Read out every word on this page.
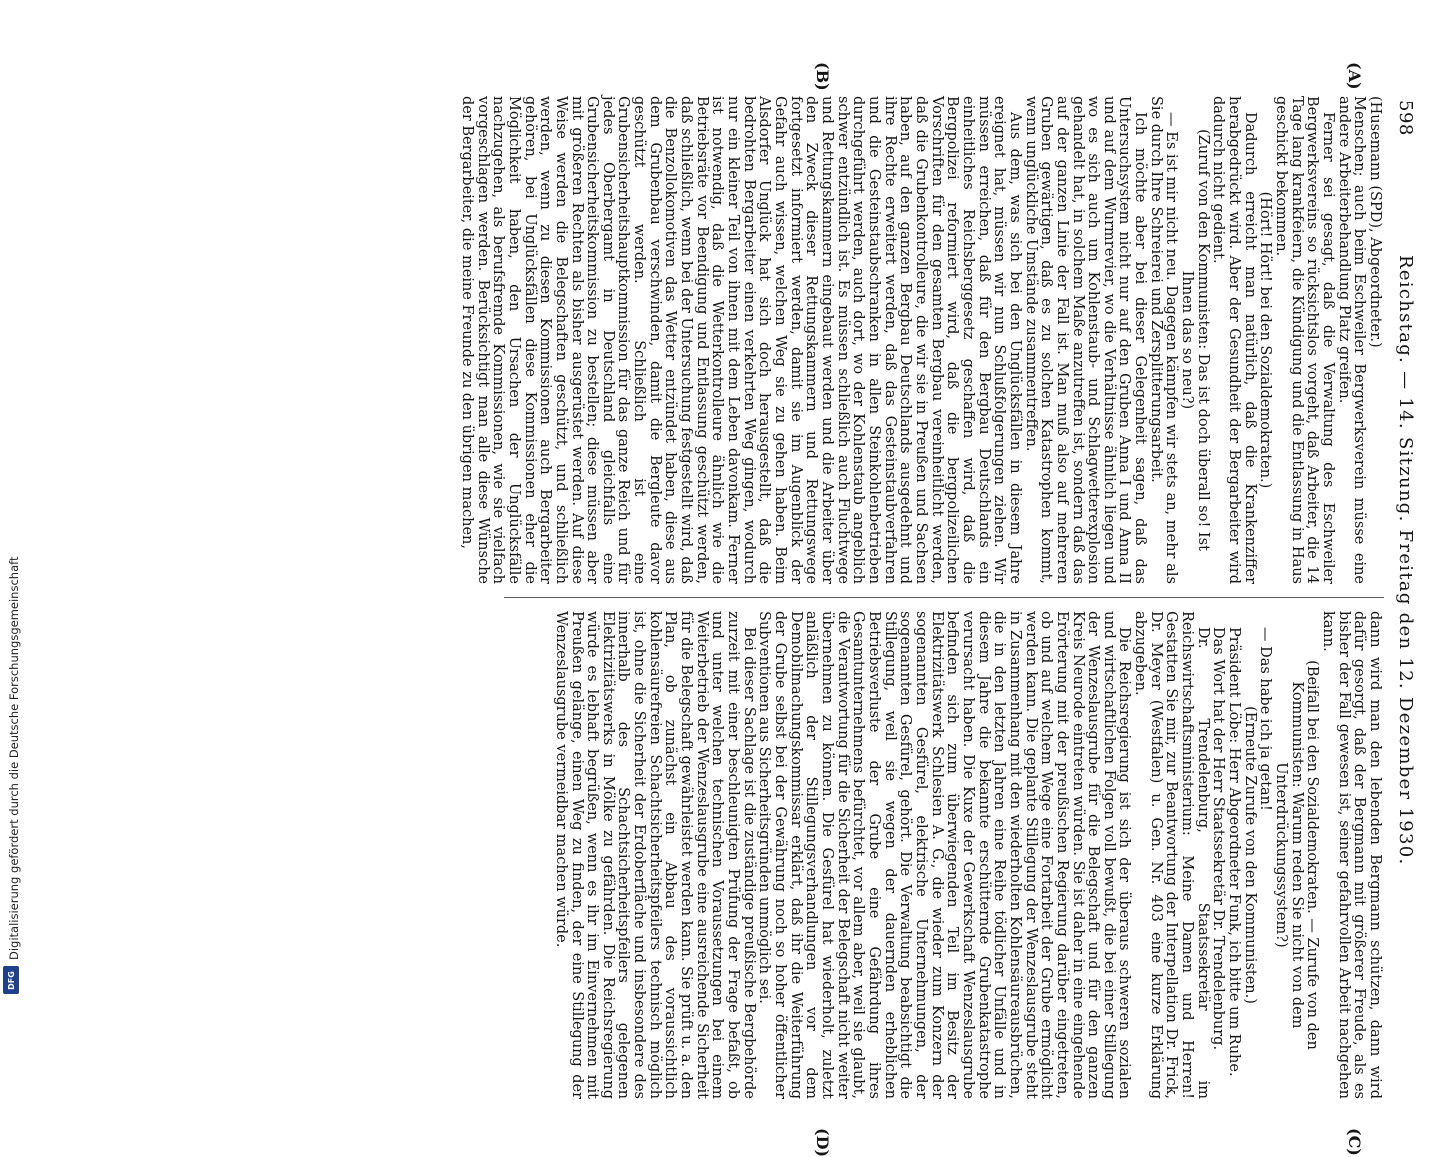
598
Reichstag. — 14. Sitzung. Freitag den 12. Dezember 1930.
(A)
(B)
(C)
(D)

(Husemann (SPD), Abgeordneter.)

Menschen; auch beim Eschweiler Bergwerksverein müsse eine andere Arbeiterbehandlung Platz greifen.

Ferner sei gesagt, daß die Verwaltung des Eschweiler Bergwerksvereins so rücksichtslos vorgeht, daß Arbeiter, die 14 Tage lang krankfeiern, die Kündigung und die Entlassung in Haus geschickt bekommen.

(Hört! Hört! bei den Sozialdemokraten.)

Dadurch erreicht man natürlich, daß die Krankenziffer herabgedrückt wird. Aber der Gesundheit der Bergarbeiter wird dadurch nicht gedient.

(Zuruf von den Kommunisten: Das ist doch überall so! Ist Ihnen das so neu?)

— Es ist mir nicht neu. Dagegen kämpfen wir stets an, mehr als Sie durch Ihre Schreierei und Zersplitterungsarbeit.

Ich möchte aber bei dieser Gelegenheit sagen, daß das Untersuchsystem nicht nur auf den Gruben Anna I und Anna II und auf dem Wurmrevier, wo die Verhältnisse ähnlich liegen und wo es sich auch um Kohlenstaub- und Schlagwetterexplosion gehandelt hat, in solchem Maße anzutreffen ist, sondern daß das auf der ganzen Linie der Fall ist. Man muß also auf mehreren Gruben gewärtigen, daß es zu solchen Katastrophen kommt, wenn unglückliche Umstände zusammentreffen.

Aus dem, was sich bei den Unglücksfällen in diesem Jahre ereignet hat, müssen wir nun Schlußfolgerungen ziehen. Wir müssen erreichen, daß für den Bergbau Deutschlands ein einheitliches Reichsberggesetz geschaffen wird, daß die Bergpolizei reformiert wird, daß die bergpolizeilichen Vorschriften für den gesamten Bergbau vereinheitlicht werden, daß die Grubenkontrolleure, die wir sie in Preußen und Sachsen haben, auf den ganzen Bergbau Deutschlands ausgedehnt und ihre Rechte erweitert werden, daß das Gesteinstaubverfahren und die Gesteinstaubschranken in allen Steinkohlenbetrieben durchgeführt werden, auch dort, wo der Kohlenstaub angeblich schwer entzündlich ist. Es müssen schließlich auch Fluchtwege und Rettungskammern eingebaut werden und die Arbeiter über den Zweck dieser Rettungskammern und Rettungswege fortgesetzt informiert werden, damit sie im Augenblick der Gefahr auch wissen, welchen Weg sie zu gehen haben. Beim Alsdorfer Unglück hat sich doch herausgestellt, daß die bedrohten Bergarbeiter einen verkehrten Weg gingen, wodurch nur ein kleiner Teil von ihnen mit dem Leben davonkam. Ferner ist notwendig, daß die Wetterkontrolleure ähnlich wie die Betriebsräte vor Beendigung und Entlassung geschützt werden, daß schließlich, wenn bei der Untersuchung festgestellt wird, daß die Benzollokomotiven das Wetter entzündet haben, diese aus dem Grubenbau verschwinden, damit die Bergleute davor geschützt werden. Schließlich ist eine Grubensicherheitshauptkommission für das ganze Reich und für jedes Oberbergamt in Deutschland gleichfalls eine Grubensicherheitskommission zu bestellen; diese müssen aber mit größeren Rechten als bisher ausgerüstet werden. Auf diese Weise werden die Belegschaften geschützt, und schließlich werden, wenn zu diesen Kommissionen auch Bergarbeiter gehören, bei Unglücksfällen diese Kommissionen eher die Möglichkeit haben, den Ursachen der Unglücksfälle nachzugehen, als berufsfremde Kommissionen, wie sie vielfach vorgeschlagen werden. Berücksichtigt man alle diese Wünsche der Bergarbeiter, die meine Freunde zu den übrigen machen,

dann wird man den lebenden Bergmann schützen, dann wird dafür gesorgt, daß der Bergmann mit größerer Freude, als es bisher der Fall gewesen ist, seiner gefahrvollen Arbeit nachgehen kann.

(Beifall bei den Sozialdemokraten. — Zurufe von den Kommunisten: Warum reden Sie nicht von dem Unterdrückungssystem?)

— Das habe ich ja getan!

(Erneute Zurufe von den Kommunisten.)

Präsident Löbe: Herr Abgeordneter Funk, ich bitte um Ruhe.

Das Wort hat der Herr Staatssekretär Dr. Trendelenburg.

Dr. Trendelenburg, Staatssekretär im Reichswirtschaftsministerium: Meine Damen und Herren! Gestatten Sie mir, zur Beantwortung der Interpellation Dr. Frick, Dr. Meyer (Westfalen) u. Gen. Nr. 403 eine kurze Erklärung abzugeben.

Die Reichsregierung ist sich der überaus schweren sozialen und wirtschaftlichen Folgen voll bewußt, die bei einer Stillegung der Wenzeslausgrube für die Belegschaft und für den ganzen Kreis Neurode eintreten würden. Sie ist daher in eine eingehende Erörterung mit der preußischen Regierung darüber eingetreten, ob und auf welchem Wege eine Fortarbeit der Grube ermöglicht werden kann. Die geplante Stillegung der Wenzeslausgrube steht in Zusammenhang mit den wiederholten Kohlensäureausbrüchen, die in den letzten Jahren eine Reihe tödlicher Unfälle und in diesem Jahre die bekannte erschütternde Grubenkatastrophe verursacht haben. Die Kuxe der Gewerkschaft Wenzeslausgrube befinden sich zum überwiegenden Teil im Besitz der Elektrizitätswerk Schlesien A. G., die wieder zum Konzern der sogenannten Gesfürel, elektrische Unternehmungen, der sogenannten Gesfürel, gehört. Die Verwaltung beabsichtigt die Stillegung, weil sie wegen der dauernden erheblichen Betriebsverluste der Grube eine Gefährdung ihres Gesamtunternehmens befürchtet, vor allem aber, weil sie glaubt, die Verantwortung für die Sicherheit der Belegschaft nicht weiter übernehmen zu können. Die Gesfürel hat wiederholt, zuletzt anläßlich der Stillegungsverhandlungen vor dem Demobilmachungskommissar erklärt, daß ihr die Weiterführung der Grube selbst bei der Gewährung noch so hoher öffentlicher Subventionen aus Sicherheitsgründen unmöglich sei.

Bei dieser Sachlage ist die zuständige preußische Bergbehörde zurzeit mit einer beschleunigten Prüfung der Frage befaßt, ob und unter welchen technischen Voraussetzungen bei einem Weiterbetrieb der Wenzeslausgrube eine ausreichende Sicherheit für die Belegschaft gewährleistet werden kann. Sie prüft u. a. den Plan, ob zunächst ein Abbau des voraussichtlich kohlensäurefreien Schachtsicherheitspfeilers technisch möglich ist, ohne die Sicherheit der Erdoberfläche und insbesondere des innerhalb des Schachtsicherheitspfeilers gelegenen Elektrizitätswerks in Mölke zu gefährden. Die Reichsregierung würde es lebhaft begrüßen, wenn es ihr im Einvernehmen mit Preußen gelänge, einen Weg zu finden, der eine Stillegung der Wenzeslausgrube vermeidbar machen würde.

Digitalisierung gefördert durch die Deutsche Forschungsgemeinschaft
DFG
